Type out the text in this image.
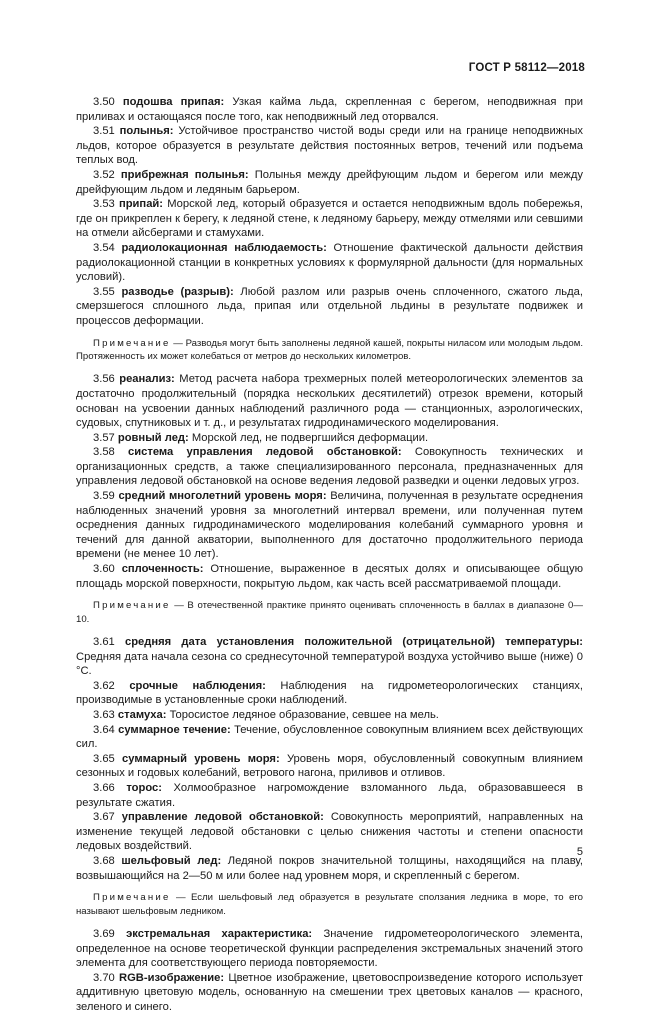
ГОСТ Р 58112—2018

3.50 подошва припая: Узкая кайма льда, скрепленная с берегом, неподвижная при приливах и остающаяся после того, как неподвижный лед оторвался.

3.51 полынья: Устойчивое пространство чистой воды среди или на границе неподвижных льдов, которое образуется в результате действия постоянных ветров, течений или подъема теплых вод.

3.52 прибрежная полынья: Полынья между дрейфующим льдом и берегом или между дрейфующим льдом и ледяным барьером.

3.53 припай: Морской лед, который образуется и остается неподвижным вдоль побережья, где он прикреплен к берегу, к ледяной стене, к ледяному барьеру, между отмелями или севшими на отмели айсбергами и стамухами.

3.54 радиолокационная наблюдаемость: Отношение фактической дальности действия радиолокационной станции в конкретных условиях к формулярной дальности (для нормальных условий).

3.55 разводье (разрыв): Любой разлом или разрыв очень сплоченного, сжатого льда, смерзшегося сплошного льда, припая или отдельной льдины в результате подвижек и процессов деформации.

Примечание — Разводья могут быть заполнены ледяной кашей, покрыты ниласом или молодым льдом. Протяженность их может колебаться от метров до нескольких километров.

3.56 реанализ: Метод расчета набора трехмерных полей метеорологических элементов за достаточно продолжительный (порядка нескольких десятилетий) отрезок времени, который основан на усвоении данных наблюдений различного рода — станционных, аэрологических, судовых, спутниковых и т. д., и результатах гидродинамического моделирования.

3.57 ровный лед: Морской лед, не подвергшийся деформации.

3.58 система управления ледовой обстановкой: Совокупность технических и организационных средств, а также специализированного персонала, предназначенных для управления ледовой обстановкой на основе ведения ледовой разведки и оценки ледовых угроз.

3.59 средний многолетний уровень моря: Величина, полученная в результате осреднения наблюденных значений уровня за многолетний интервал времени, или полученная путем осреднения данных гидродинамического моделирования колебаний суммарного уровня и течений для данной акватории, выполненного для достаточно продолжительного периода времени (не менее 10 лет).

3.60 сплоченность: Отношение, выраженное в десятых долях и описывающее общую площадь морской поверхности, покрытую льдом, как часть всей рассматриваемой площади.

Примечание — В отечественной практике принято оценивать сплоченность в баллах в диапазоне 0—10.

3.61 средняя дата установления положительной (отрицательной) температуры: Средняя дата начала сезона со среднесуточной температурой воздуха устойчиво выше (ниже) 0 °С.

3.62 срочные наблюдения: Наблюдения на гидрометеорологических станциях, производимые в установленные сроки наблюдений.

3.63 стамуха: Торосистое ледяное образование, севшее на мель.

3.64 суммарное течение: Течение, обусловленное совокупным влиянием всех действующих сил.

3.65 суммарный уровень моря: Уровень моря, обусловленный совокупным влиянием сезонных и годовых колебаний, ветрового нагона, приливов и отливов.

3.66 торос: Холмообразное нагромождение взломанного льда, образовавшееся в результате сжатия.

3.67 управление ледовой обстановкой: Совокупность мероприятий, направленных на изменение текущей ледовой обстановки с целью снижения частоты и степени опасности ледовых воздействий.

3.68 шельфовый лед: Ледяной покров значительной толщины, находящийся на плаву, возвышающийся на 2—50 м или более над уровнем моря, и скрепленный с берегом.

Примечание — Если шельфовый лед образуется в результате сползания ледника в море, то его называют шельфовым ледником.

3.69 экстремальная характеристика: Значение гидрометеорологического элемента, определенное на основе теоретической функции распределения экстремальных значений этого элемента для соответствующего периода повторяемости.

3.70 RGB-изображение: Цветное изображение, цветовоспроизведение которого использует аддитивную цветовую модель, основанную на смешении трех цветовых каналов — красного, зеленого и синего.

5
